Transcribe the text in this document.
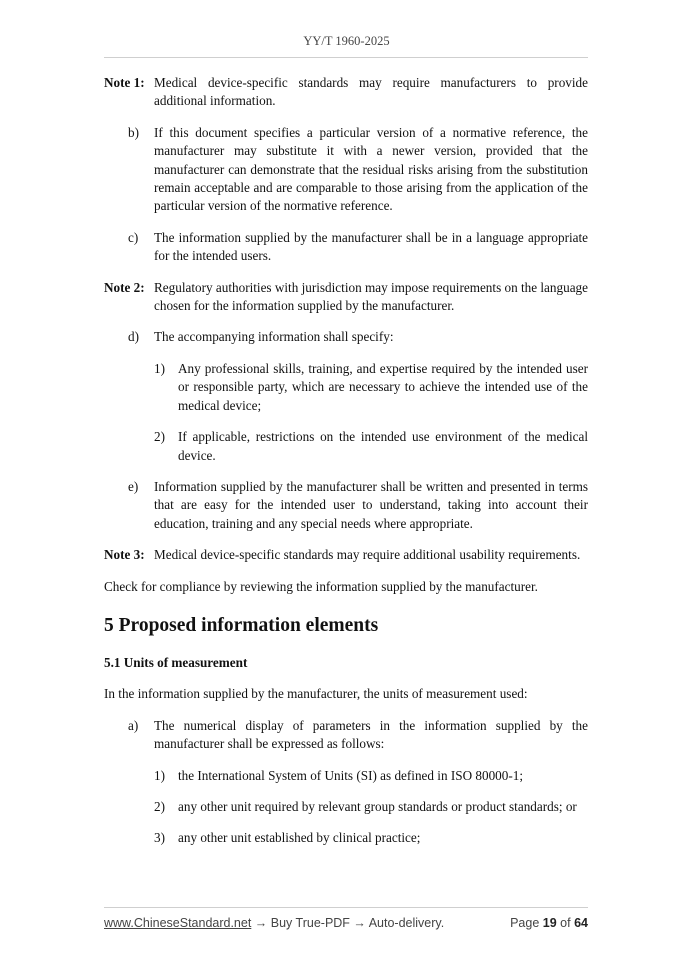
YY/T 1960-2025
Note 1: Medical device-specific standards may require manufacturers to provide additional information.
b)	If this document specifies a particular version of a normative reference, the manufacturer may substitute it with a newer version, provided that the manufacturer can demonstrate that the residual risks arising from the substitution remain acceptable and are comparable to those arising from the application of the particular version of the normative reference.
c)	The information supplied by the manufacturer shall be in a language appropriate for the intended users.
Note 2: Regulatory authorities with jurisdiction may impose requirements on the language chosen for the information supplied by the manufacturer.
d)	The accompanying information shall specify:
1) Any professional skills, training, and expertise required by the intended user or responsible party, which are necessary to achieve the intended use of the medical device;
2) If applicable, restrictions on the intended use environment of the medical device.
e)	Information supplied by the manufacturer shall be written and presented in terms that are easy for the intended user to understand, taking into account their education, training and any special needs where appropriate.
Note 3: Medical device-specific standards may require additional usability requirements.
Check for compliance by reviewing the information supplied by the manufacturer.
5 Proposed information elements
5.1 Units of measurement
In the information supplied by the manufacturer, the units of measurement used:
a)	The numerical display of parameters in the information supplied by the manufacturer shall be expressed as follows:
1) the International System of Units (SI) as defined in ISO 80000-1;
2) any other unit required by relevant group standards or product standards; or
3) any other unit established by clinical practice;
www.ChineseStandard.net → Buy True-PDF → Auto-delivery.	Page 19 of 64
